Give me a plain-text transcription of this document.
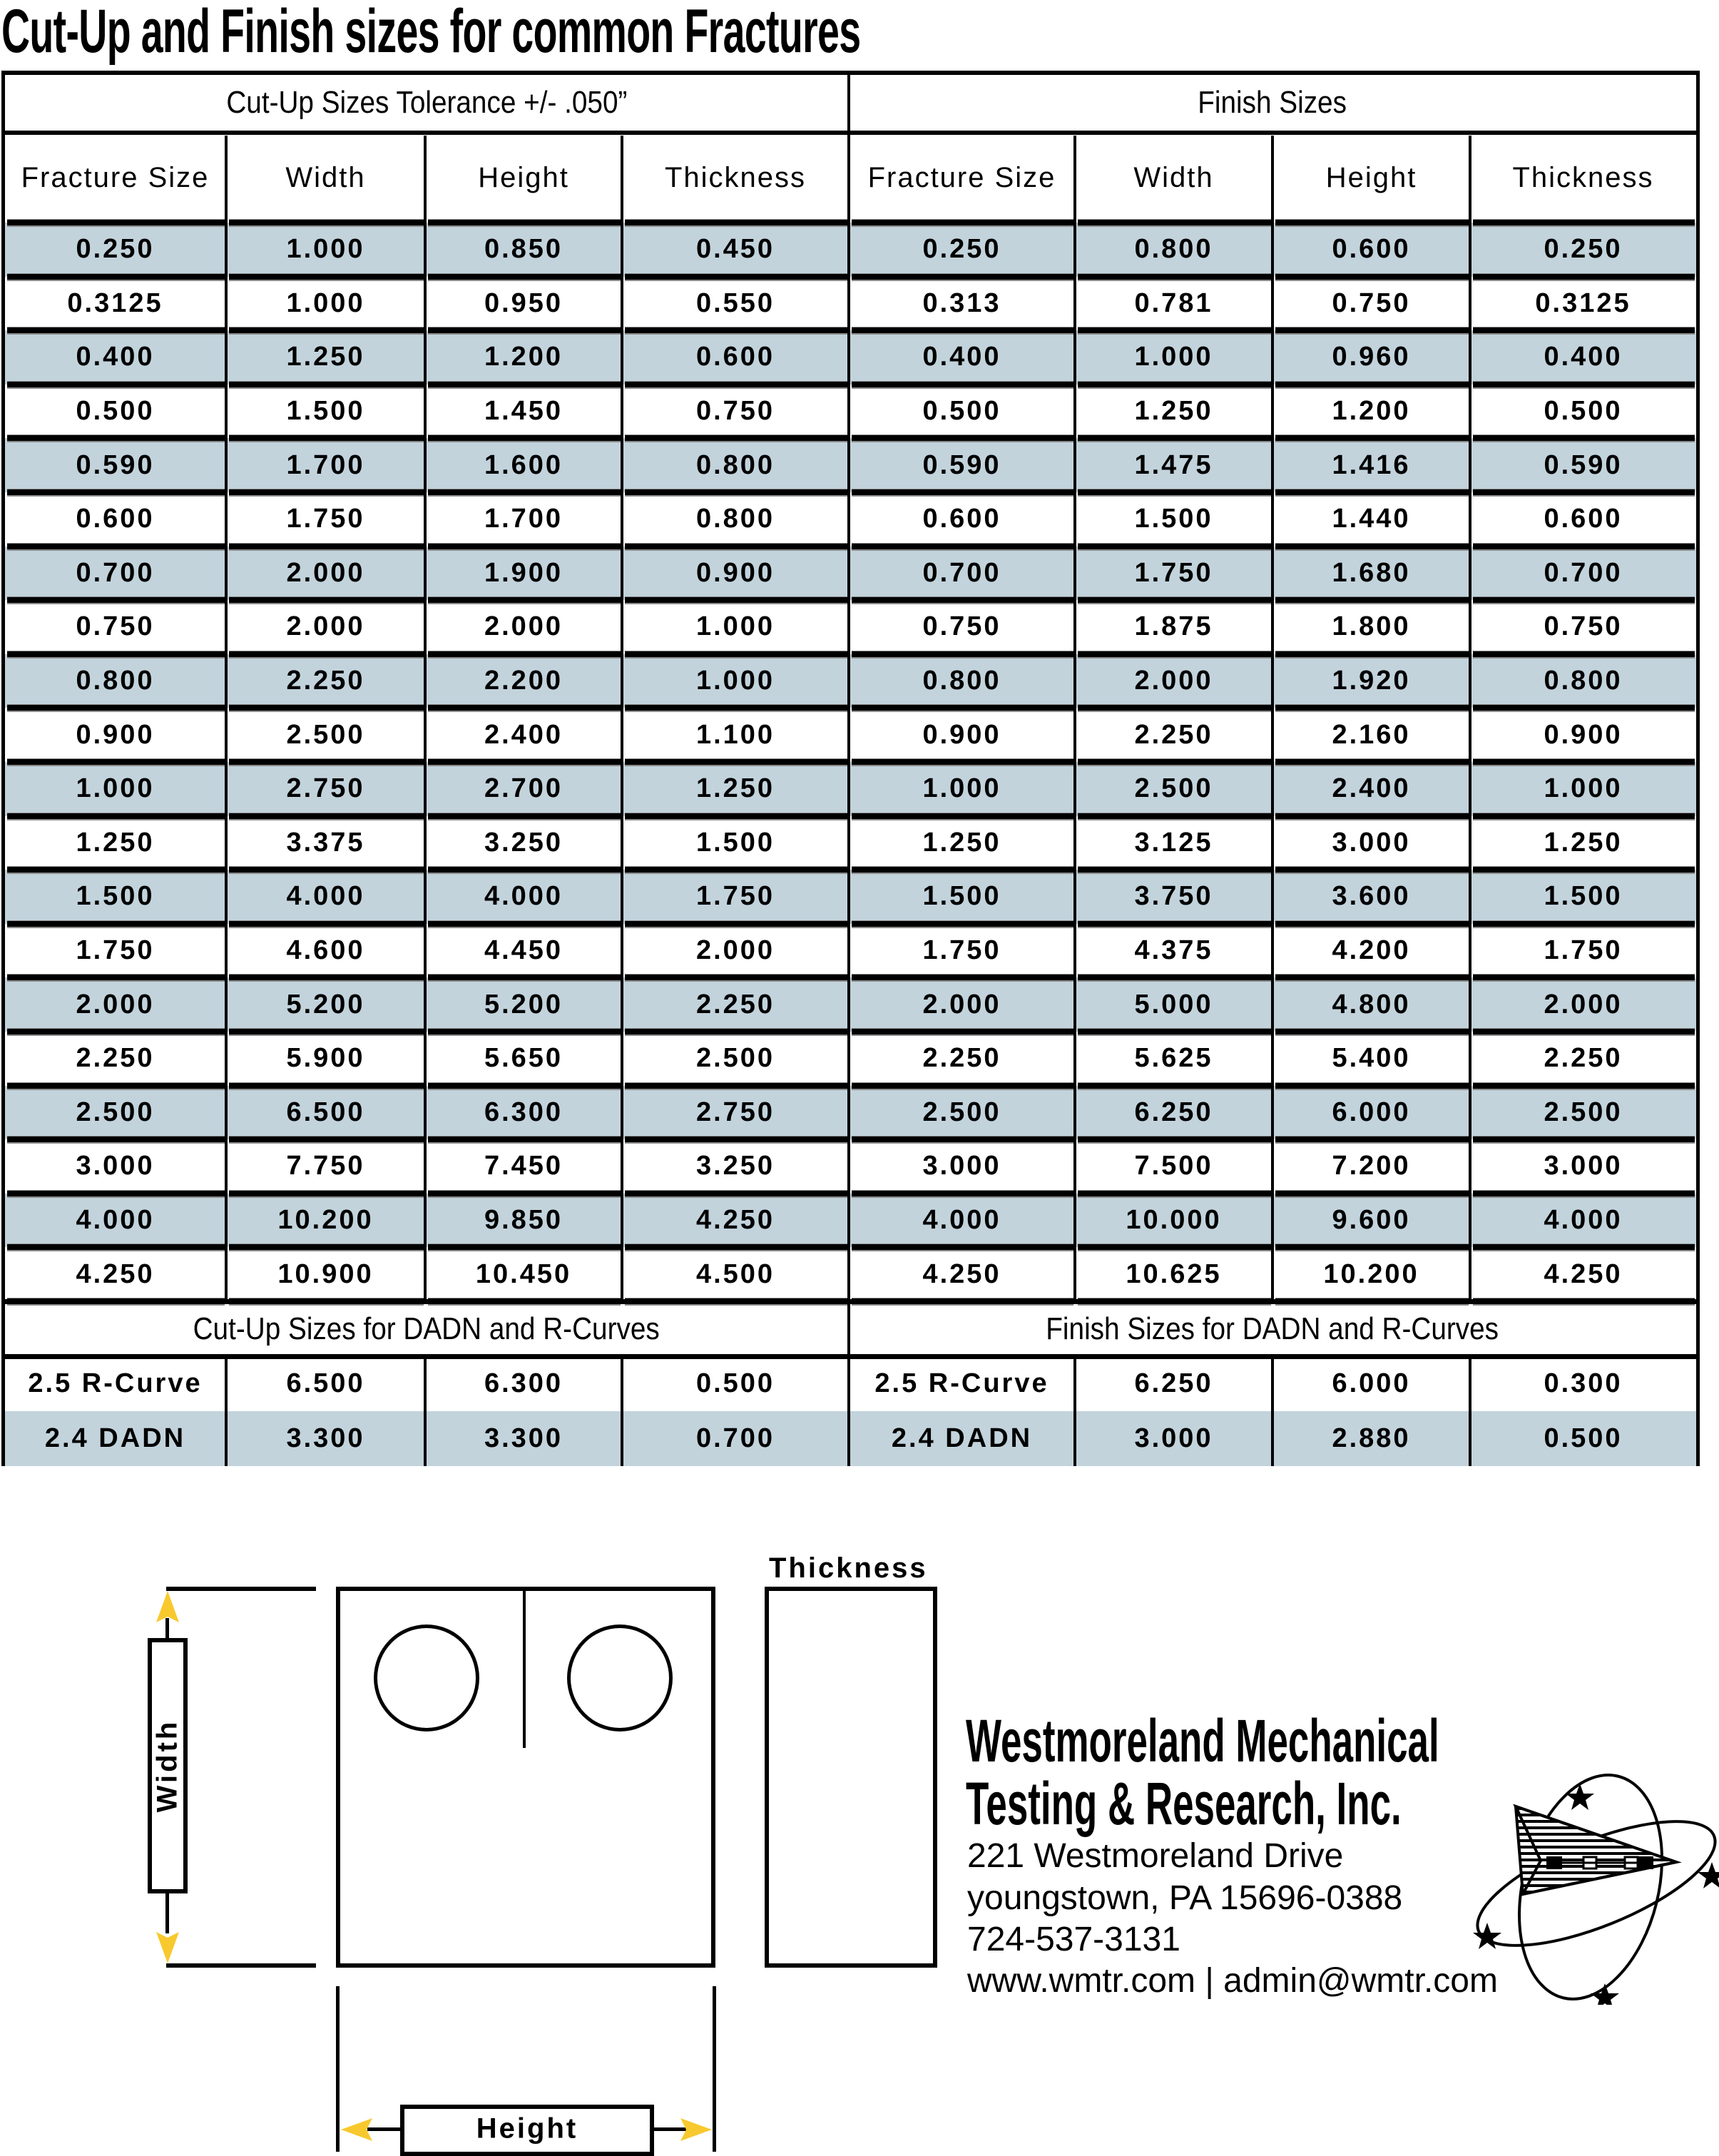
Cut-Up and Finish sizes for common Fractures
Cut-Up Sizes Tolerance +/- .050”	Finish Sizes
Fracture Size	Width	Height	Thickness	Fracture Size	Width	Height	Thickness
0.250	1.000	0.850	0.450	0.250	0.800	0.600	0.250
0.3125	1.000	0.950	0.550	0.313	0.781	0.750	0.3125
0.400	1.250	1.200	0.600	0.400	1.000	0.960	0.400
0.500	1.500	1.450	0.750	0.500	1.250	1.200	0.500
0.590	1.700	1.600	0.800	0.590	1.475	1.416	0.590
0.600	1.750	1.700	0.800	0.600	1.500	1.440	0.600
0.700	2.000	1.900	0.900	0.700	1.750	1.680	0.700
0.750	2.000	2.000	1.000	0.750	1.875	1.800	0.750
0.800	2.250	2.200	1.000	0.800	2.000	1.920	0.800
0.900	2.500	2.400	1.100	0.900	2.250	2.160	0.900
1.000	2.750	2.700	1.250	1.000	2.500	2.400	1.000
1.250	3.375	3.250	1.500	1.250	3.125	3.000	1.250
1.500	4.000	4.000	1.750	1.500	3.750	3.600	1.500
1.750	4.600	4.450	2.000	1.750	4.375	4.200	1.750
2.000	5.200	5.200	2.250	2.000	5.000	4.800	2.000
2.250	5.900	5.650	2.500	2.250	5.625	5.400	2.250
2.500	6.500	6.300	2.750	2.500	6.250	6.000	2.500
3.000	7.750	7.450	3.250	3.000	7.500	7.200	3.000
4.000	10.200	9.850	4.250	4.000	10.000	9.600	4.000
4.250	10.900	10.450	4.500	4.250	10.625	10.200	4.250
Cut-Up Sizes for DADN and R-Curves	Finish Sizes for DADN and R-Curves
2.5 R-Curve	6.500	6.300	0.500	2.5 R-Curve	6.250	6.000	0.300
2.4 DADN	3.300	3.300	0.700	2.4 DADN	3.000	2.880	0.500
Width
Thickness
Height
Westmoreland Mechanical
Testing & Research, Inc.
221 Westmoreland Drive
youngstown, PA 15696-0388
724-537-3131
www.wmtr.com | admin@wmtr.com
